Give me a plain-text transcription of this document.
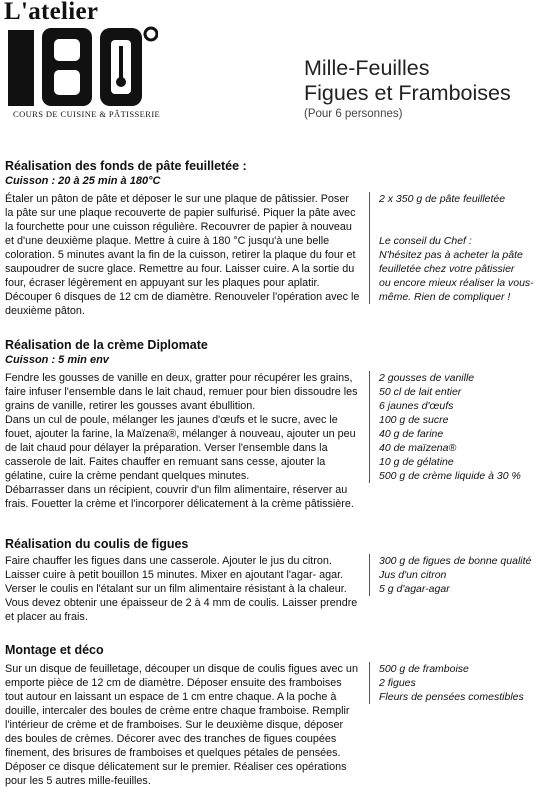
L'atelier
COURS DE CUISINE & PÂTISSERIE
Mille-Feuilles
Figues et Framboises
(Pour 6 personnes)
Réalisation des fonds de pâte feuilletée :
Cuisson : 20 à 25 min à 180°C

Étaler un pâton de pâte et déposer le sur une plaque de pâtissier. Poser la pâte sur une plaque recouverte de papier sulfurisé. Piquer la pâte avec la fourchette pour une cuisson régulière. Recouvrer de papier à nouveau et d'une deuxième plaque. Mettre à cuire à 180 °C jusqu'à une belle coloration. 5 minutes avant la fin de la cuisson, retirer la plaque du four et saupoudrer de sucre glace. Remettre au four. Laisser cuire. A la sortie du four, écraser légèrement en appuyant sur les plaques pour aplatir. Découper 6 disques de 12 cm de diamètre. Renouveler l'opération avec le deuxième pâton.

2 x 350 g de pâte feuilletée
Le conseil du Chef :
N'hésitez pas à acheter la pâte
feuilletée chez votre pâtissier
ou encore mieux réaliser la vous-
même. Rien de compliquer !
Réalisation de la crème Diplomate
Cuisson : 5 min env

Fendre les gousses de vanille en deux, gratter pour récupérer les grains, faire infuser l'ensemble dans le lait chaud, remuer pour bien dissoudre les grains de vanille, retirer les gousses avant ébullition.

Dans un cul de poule, mélanger les jaunes d'œufs et le sucre, avec le fouet, ajouter la farine, la Maïzena®, mélanger à nouveau, ajouter un peu de lait chaud pour délayer la préparation. Verser l'ensemble dans la casserole de lait. Faites chauffer en remuant sans cesse, ajouter la gélatine, cuire la crème pendant quelques minutes.

Débarrasser dans un récipient, couvrir d'un film alimentaire, réserver au frais. Fouetter la crème et l'incorporer délicatement à la crème pâtissière.

2 gousses de vanille
50 cl de lait entier
6 jaunes d'œufs
100 g de sucre
40 g de farine
40 de maïzena®
10 g de gélatine
500 g de crème liquide à 30 %
Réalisation du coulis de figues

Faire chauffer les figues dans une casserole. Ajouter le jus du citron. Laisser cuire à petit bouillon 15 minutes. Mixer en ajoutant l'agar- agar. Verser le coulis en l'étalant sur un film alimentaire résistant à la chaleur. Vous devez obtenir une épaisseur de 2 à 4 mm de coulis. Laisser prendre et placer au frais.

300 g de figues de bonne qualité
Jus d'un citron
5 g d'agar-agar
Montage et déco

Sur un disque de feuilletage, découper un disque de coulis figues avec un emporte pièce de 12 cm de diamètre. Déposer ensuite des framboises tout autour en laissant un espace de 1 cm entre chaque. A la poche à douille, intercaler des boules de crème entre chaque framboise. Remplir l'intérieur de crème et de framboises. Sur le deuxième disque, déposer des boules de crèmes. Décorer avec des tranches de figues coupées finement, des brisures de framboises et quelques pétales de pensées. Déposer ce disque délicatement sur le premier. Réaliser ces opérations pour les 5 autres mille-feuilles.

500 g de framboise
2 figues
Fleurs de pensées comestibles
